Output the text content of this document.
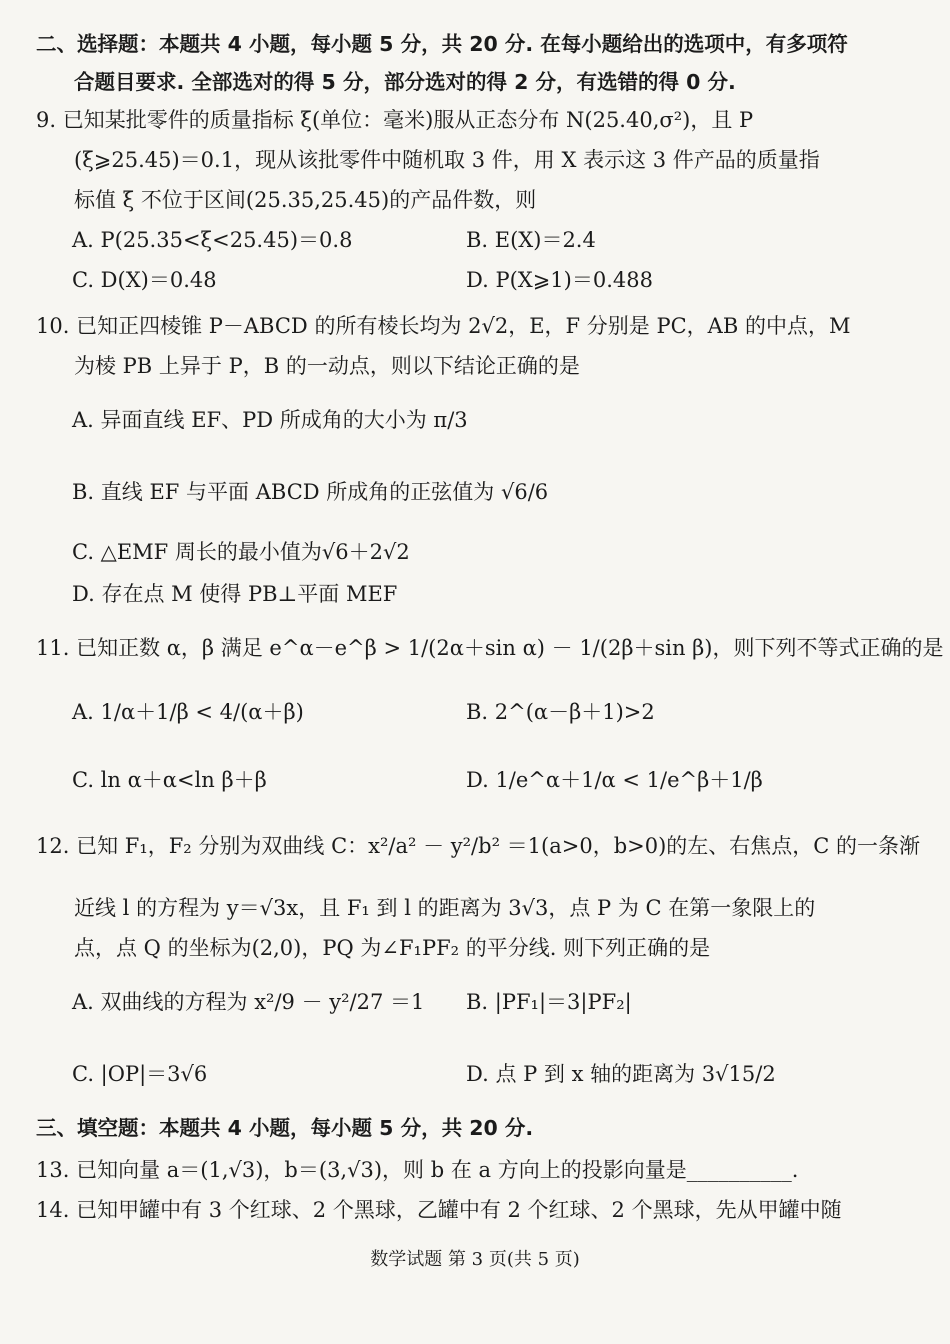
二、选择题：本题共 4 小题，每小题 5 分，共 20 分. 在每小题给出的选项中，有多项符
合题目要求. 全部选对的得 5 分，部分选对的得 2 分，有选错的得 0 分.
9. 已知某批零件的质量指标 ξ(单位：毫米)服从正态分布 N(25.40,σ²)，且 P
(ξ⩾25.45)＝0.1，现从该批零件中随机取 3 件，用 X 表示这 3 件产品的质量指
标值 ξ 不位于区间(25.35,25.45)的产品件数，则
A. P(25.35<ξ<25.45)＝0.8	B. E(X)＝2.4
C. D(X)＝0.48	D. P(X⩾1)＝0.488
10. 已知正四棱锥 P－ABCD 的所有棱长均为 2√2，E，F 分别是 PC，AB 的中点，M
为棱 PB 上异于 P，B 的一动点，则以下结论正确的是
A. 异面直线 EF、PD 所成角的大小为 π/3
B. 直线 EF 与平面 ABCD 所成角的正弦值为 √6/6
C. △EMF 周长的最小值为√6＋2√2
D. 存在点 M 使得 PB⊥平面 MEF
11. 已知正数 α，β 满足 e^α－e^β > 1/(2α＋sin α) － 1/(2β＋sin β)，则下列不等式正确的是
A. 1/α＋1/β < 4/(α＋β)	B. 2^(α－β＋1)>2
C. ln α＋α<ln β＋β	D. 1/e^α＋1/α < 1/e^β＋1/β
12. 已知 F₁，F₂ 分别为双曲线 C：x²/a² － y²/b² ＝1(a>0，b>0)的左、右焦点，C 的一条渐
近线 l 的方程为 y＝√3x，且 F₁ 到 l 的距离为 3√3，点 P 为 C 在第一象限上的
点，点 Q 的坐标为(2,0)，PQ 为∠F₁PF₂ 的平分线. 则下列正确的是
A. 双曲线的方程为 x²/9 － y²/27 ＝1	B. |PF₁|＝3|PF₂|
C. |OP|＝3√6	D. 点 P 到 x 轴的距离为 3√15/2
三、填空题：本题共 4 小题，每小题 5 分，共 20 分.
13. 已知向量 a＝(1,√3)，b＝(3,√3)，则 b 在 a 方向上的投影向量是__________.
14. 已知甲罐中有 3 个红球、2 个黑球，乙罐中有 2 个红球、2 个黑球，先从甲罐中随
数学试题 第 3 页(共 5 页)
